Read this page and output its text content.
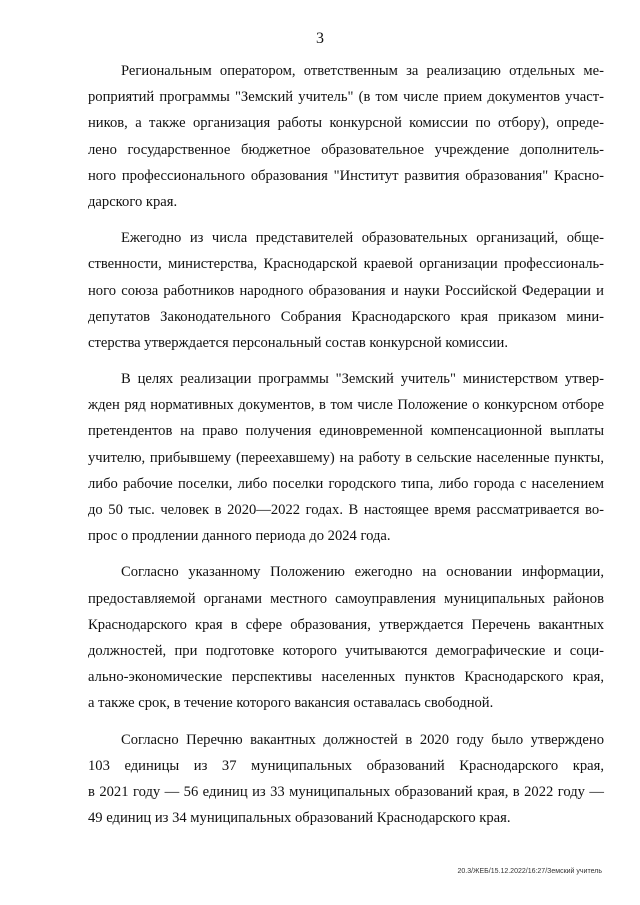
3
Региональным оператором, ответственным за реализацию отдельных ме-
роприятий программы "Земский учитель" (в том числе прием документов участ-
ников, а также организация работы конкурсной комиссии по отбору), опреде-
лено государственное бюджетное образовательное учреждение дополнитель-
ного профессионального образования "Институт развития образования" Красно-
дарского края.
Ежегодно из числа представителей образовательных организаций, обще-
ственности, министерства, Краснодарской краевой организации профессиональ-
ного союза работников народного образования и науки Российской Федерации и
депутатов Законодательного Собрания Краснодарского края приказом мини-
стерства утверждается персональный состав конкурсной комиссии.
В целях реализации программы "Земский учитель" министерством утвер-
жден ряд нормативных документов, в том числе Положение о конкурсном отборе
претендентов на право получения единовременной компенсационной выплаты
учителю, прибывшему (переехавшему) на работу в сельские населенные пункты,
либо рабочие поселки, либо поселки городского типа, либо города с населением
до 50 тыс. человек в 2020—2022 годах. В настоящее время рассматривается во-
прос о продлении данного периода до 2024 года.
Согласно указанному Положению ежегодно на основании информации,
предоставляемой органами местного самоуправления муниципальных районов
Краснодарского края в сфере образования, утверждается Перечень вакантных
должностей, при подготовке которого учитываются демографические и соци-
ально-экономические перспективы населенных пунктов Краснодарского края,
а также срок, в течение которого вакансия оставалась свободной.
Согласно Перечню вакантных должностей в 2020 году было утверждено
103 единицы из 37 муниципальных образований Краснодарского края,
в 2021 году — 56 единиц из 33 муниципальных образований края, в 2022 году —
49 единиц из 34 муниципальных образований Краснодарского края.
20.3/ЖЕБ/15.12.2022/16:27/Земский учитель
